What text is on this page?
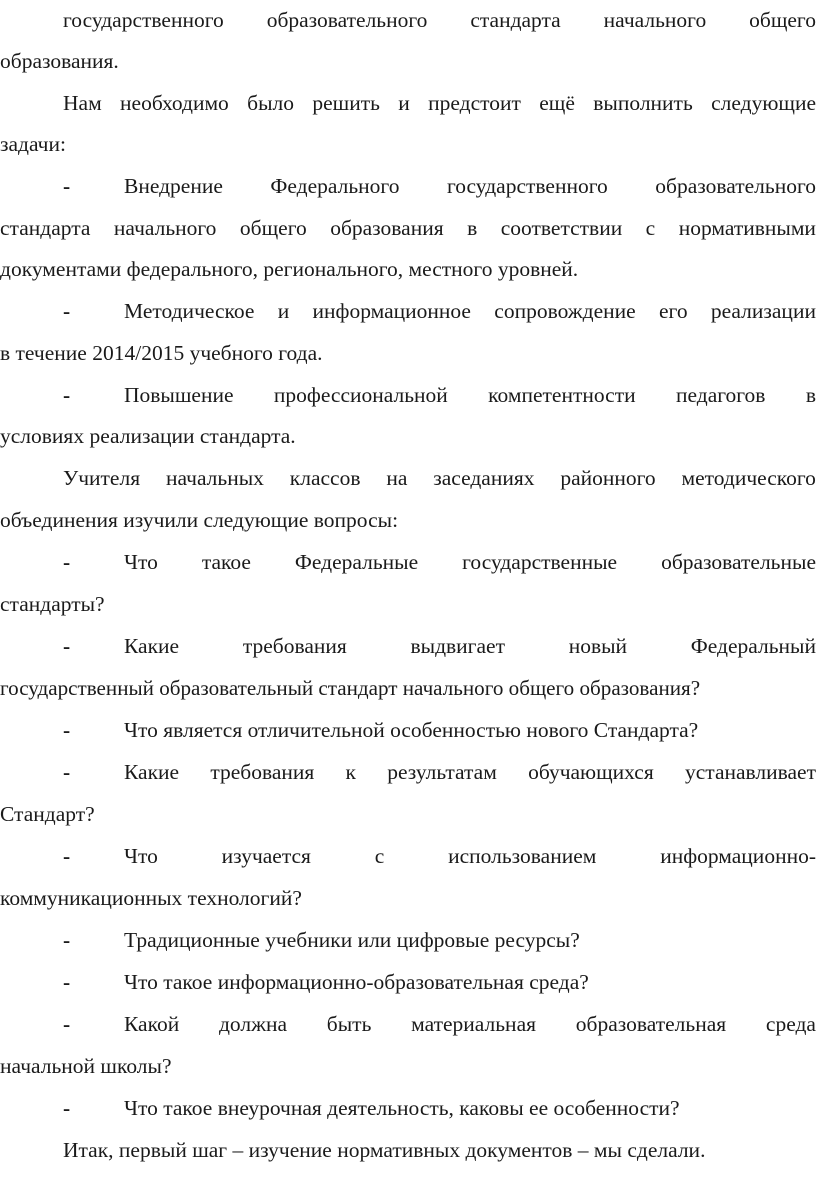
государственного образовательного стандарта начального общего
образования.
Нам необходимо было решить и предстоит ещё выполнить следующие
задачи:
-	Внедрение Федерального государственного образовательного
стандарта начального общего образования в соответствии с нормативными
документами федерального, регионального, местного уровней.
-	Методическое и информационное сопровождение его реализации
в течение 2014/2015 учебного года.
-	Повышение профессиональной компетентности педагогов в
условиях реализации стандарта.
Учителя начальных классов на заседаниях районного методического
объединения изучили следующие вопросы:
-	Что такое Федеральные государственные образовательные
стандарты?
-	Какие	требования	выдвигает	новый	Федеральный
государственный образовательный стандарт начального общего образования?
-	Что является отличительной особенностью нового Стандарта?
-	Какие требования к результатам обучающихся устанавливает
Стандарт?
-	Что	изучается	с	использованием	информационно-
коммуникационных технологий?
-	Традиционные учебники или цифровые ресурсы?
-	Что такое информационно-образовательная среда?
-	Какой должна быть материальная образовательная среда
начальной школы?
-	Что такое внеурочная деятельность, каковы ее особенности?
Итак, первый шаг – изучение нормативных документов – мы сделали.
